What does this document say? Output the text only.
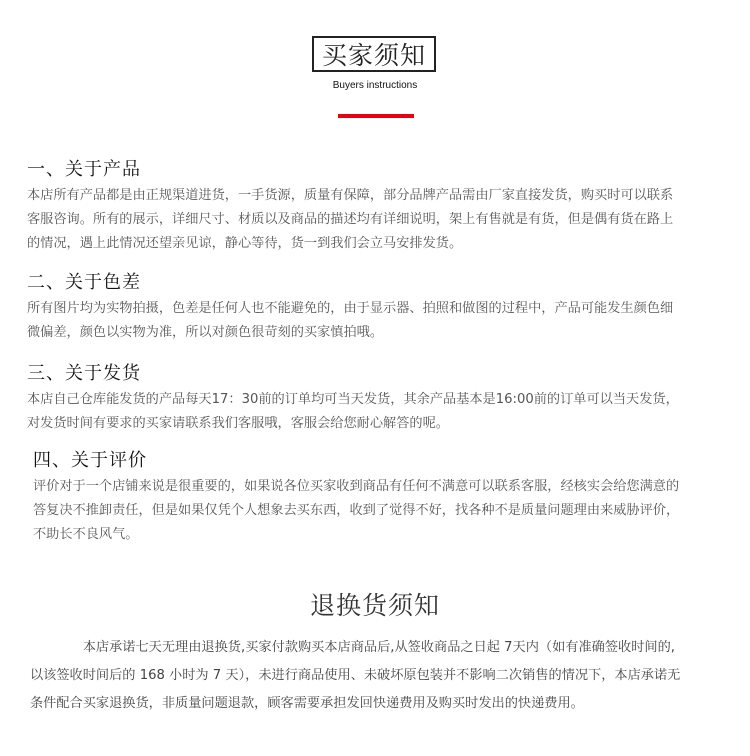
买家须知
Buyers instructions
一、关于产品

本店所有产品都是由正规渠道进货，一手货源，质量有保障，部分品牌产品需由厂家直接发货，购买时可以联系
客服咨询。所有的展示，详细尺寸、材质以及商品的描述均有详细说明，架上有售就是有货，但是偶有货在路上
的情况，遇上此情况还望亲见谅，静心等待，货一到我们会立马安排发货。

二、关于色差

所有图片均为实物拍摄，色差是任何人也不能避免的，由于显示器、拍照和做图的过程中，产品可能发生颜色细
微偏差，颜色以实物为准，所以对颜色很苛刻的买家慎拍哦。

三、关于发货

本店自己仓库能发货的产品每天17：30前的订单均可当天发货，其余产品基本是16:00前的订单可以当天发货，
对发货时间有要求的买家请联系我们客服哦，客服会给您耐心解答的呢。

四、关于评价

评价对于一个店铺来说是很重要的，如果说各位买家收到商品有任何不满意可以联系客服，经核实会给您满意的
答复决不推卸责任，但是如果仅凭个人想象去买东西，收到了觉得不好，找各种不是质量问题理由来威胁评价，
不助长不良风气。

退换货须知

　　　　本店承诺七天无理由退换货,买家付款购买本店商品后,从签收商品之日起 7天内（如有准确签收时间的,
以该签收时间后的 168 小时为 7 天），未进行商品使用、未破坏原包装并不影响二次销售的情况下，本店承诺无
条件配合买家退换货，非质量问题退款，顾客需要承担发回快递费用及购买时发出的快递费用。
